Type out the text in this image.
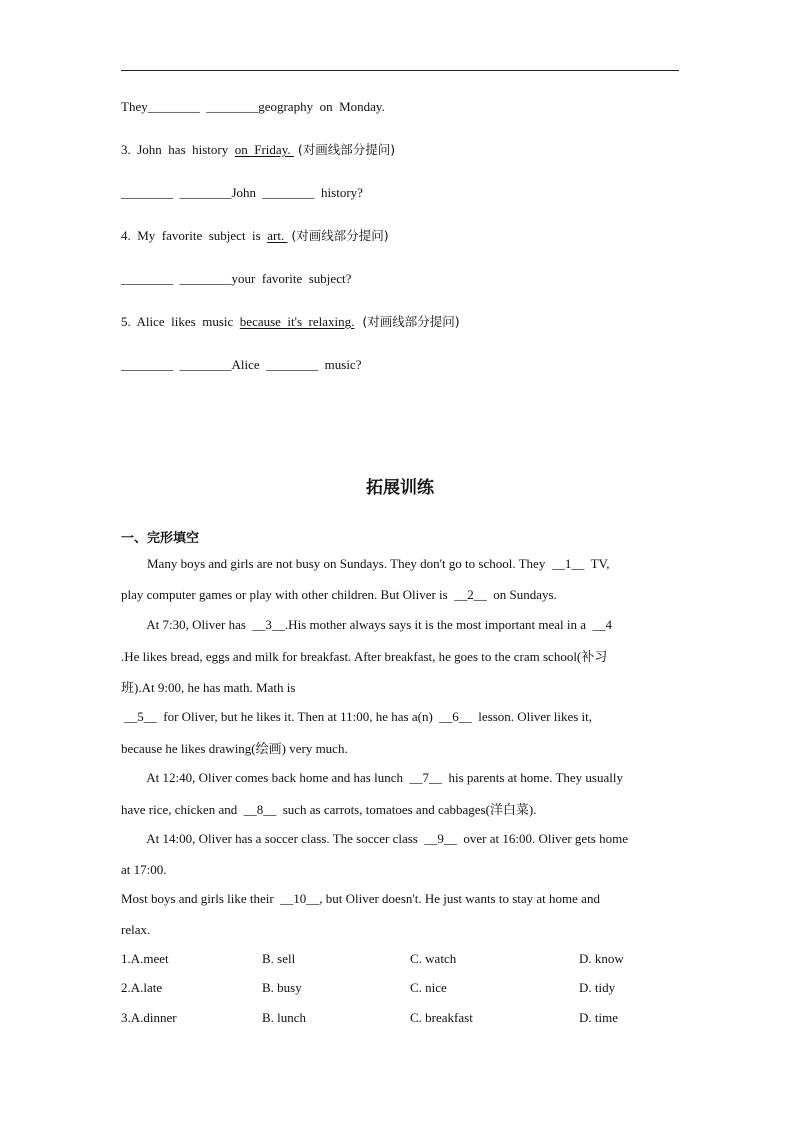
They________  ________geography  on  Monday.
3.  John  has  history  on  Friday.  (对画线部分提问)
________  ________John  ________  history?
4.  My  favorite  subject  is  art.  (对画线部分提问)
________  ________your  favorite  subject?
5.  Alice  likes  music  because  it's  relaxing.  (对画线部分提问)
________  ________Alice  ________  music?
拓展训练
一、完形填空
Many boys and girls are not busy on Sundays. They don't go to school. They  __1__  TV,
play computer games or play with other children. But Oliver is  __2__  on Sundays.
At 7:30, Oliver has  __3__.His mother always says it is the most important meal in a  __4
.He likes bread, eggs and milk for breakfast. After breakfast, he goes to the cram school(补习
班).At 9:00, he has math. Math is
__5__  for Oliver, but he likes it. Then at 11:00, he has a(n)  __6__  lesson. Oliver likes it,
because he likes drawing(绘画) very much.
At 12:40, Oliver comes back home and has lunch  __7__  his parents at home. They usually
have rice, chicken and  __8__  such as carrots, tomatoes and cabbages(洋白菜).
At 14:00, Oliver has a soccer class. The soccer class  __9__  over at 16:00. Oliver gets home
at 17:00.
Most boys and girls like their  __10__, but Oliver doesn't. He just wants to stay at home and
relax.
1.A.meet	B. sell	C. watch	D. know
2.A.late	B. busy	C. nice	D. tidy
3.A.dinner	B. lunch	C. breakfast	D. time
